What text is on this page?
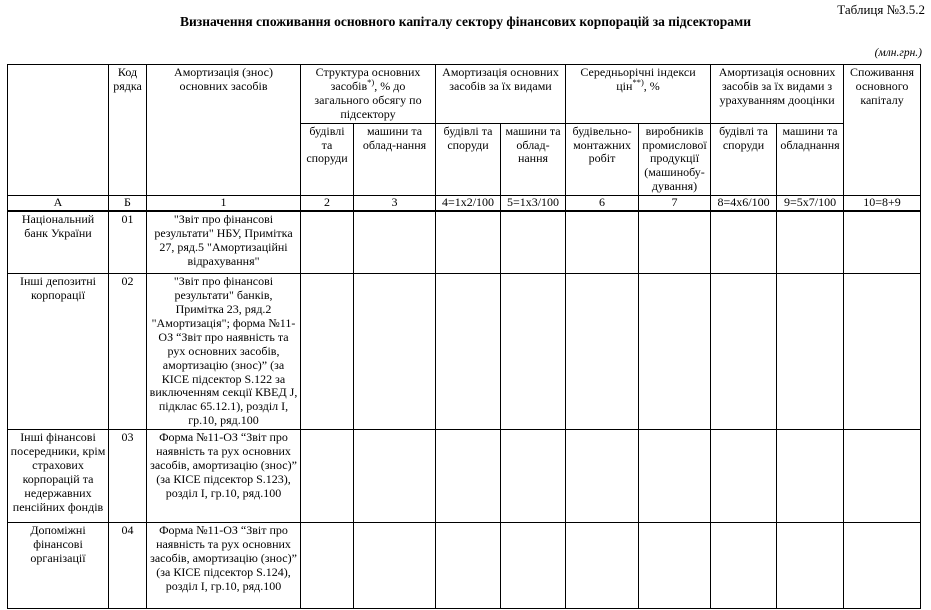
Таблиця №3.5.2
Визначення споживання основного капіталу сектору фінансових корпорацій за підсекторами
(млн.грн.)
	Код рядка	Амортизація (знос) основних засобів	Структура основних засобів*), % до загального обсягу по підсектору		Амортизація основних засобів за їх видами		Середньорічні індекси цін**), %		Амортизація основних засобів за їх видами з урахуванням дооцінки		Споживання основного капіталу
			будівлі та споруди	машини та облад-нання	будівлі та споруди	машини та облад-нання	будівельно-монтажних робіт	виробників промислової продукції (машинобу-дування)	будівлі та споруди	машини та обладнання	
А	Б	1	2	3	4=1x2/100	5=1x3/100	6	7	8=4x6/100	9=5x7/100	10=8+9
Національний банк України	01	"Звіт про фінансові результати" НБУ, Примітка 27, ряд.5 "Амортизаційні відрахування"									
Інші депозитні корпорації	02	"Звіт про фінансові результати" банків, Примітка 23, ряд.2 "Амортизація"; форма №11-ОЗ “Звіт про наявність та рух основних засобів, амортизацію (знос)” (за КІСЕ підсектор S.122 за виключенням секції КВЕД J, підклас 65.12.1), розділ I, гр.10, ряд.100									
Інші фінансові посередники, крім страхових корпорацій та недержавних пенсійних фондів	03	Форма №11-ОЗ “Звіт про наявність та рух основних засобів, амортизацію (знос)” (за КІСЕ підсектор S.123), розділ I, гр.10, ряд.100									
Допоміжні фінансові організації	04	Форма №11-ОЗ “Звіт про наявність та рух основних засобів, амортизацію (знос)” (за КІСЕ підсектор S.124), розділ I, гр.10, ряд.100									
